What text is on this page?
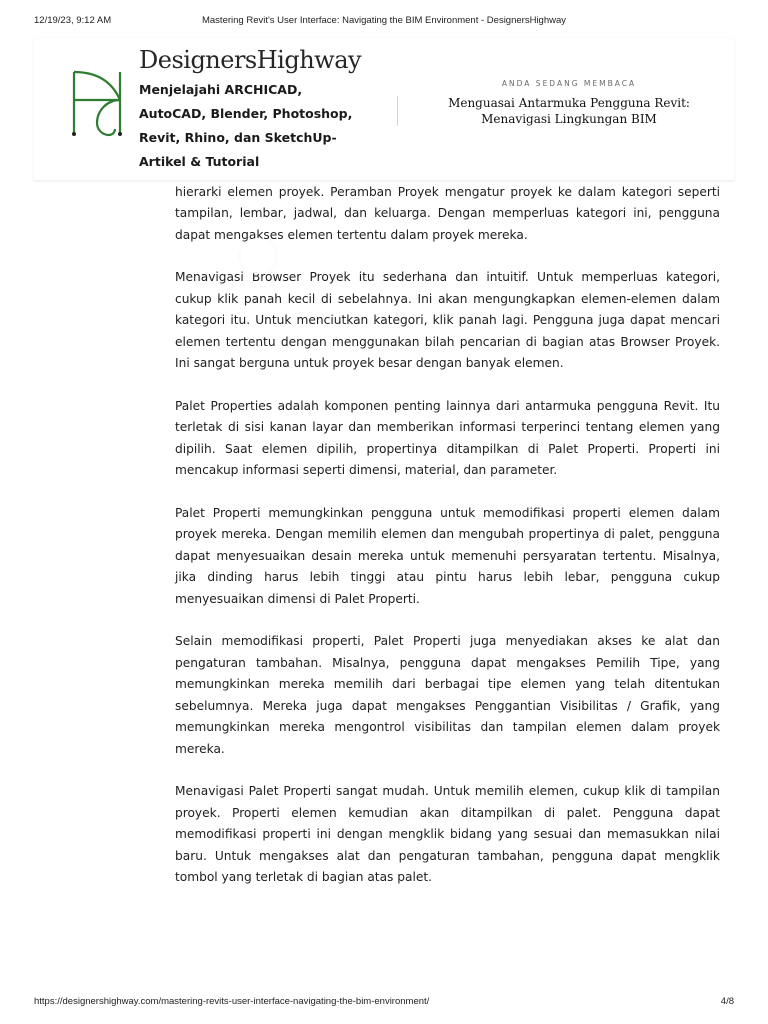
12/19/23, 9:12 AM	Mastering Revit's User Interface: Navigating the BIM Environment - DesignersHighway

hierarki elemen proyek. Peramban Proyek mengatur proyek ke dalam kategori seperti tampilan, lembar, jadwal, dan keluarga. Dengan memperluas kategori ini, pengguna dapat mengakses elemen tertentu dalam proyek mereka.

Menavigasi Browser Proyek itu sederhana dan intuitif. Untuk memperluas kategori, cukup klik panah kecil di sebelahnya. Ini akan mengungkapkan elemen-elemen dalam kategori itu. Untuk menciutkan kategori, klik panah lagi. Pengguna juga dapat mencari elemen tertentu dengan menggunakan bilah pencarian di bagian atas Browser Proyek. Ini sangat berguna untuk proyek besar dengan banyak elemen.

Palet Properties adalah komponen penting lainnya dari antarmuka pengguna Revit. Itu terletak di sisi kanan layar dan memberikan informasi terperinci tentang elemen yang dipilih. Saat elemen dipilih, propertinya ditampilkan di Palet Properti. Properti ini mencakup informasi seperti dimensi, material, dan parameter.

Palet Properti memungkinkan pengguna untuk memodifikasi properti elemen dalam proyek mereka. Dengan memilih elemen dan mengubah propertinya di palet, pengguna dapat menyesuaikan desain mereka untuk memenuhi persyaratan tertentu. Misalnya, jika dinding harus lebih tinggi atau pintu harus lebih lebar, pengguna cukup menyesuaikan dimensi di Palet Properti.

Selain memodifikasi properti, Palet Properti juga menyediakan akses ke alat dan pengaturan tambahan. Misalnya, pengguna dapat mengakses Pemilih Tipe, yang memungkinkan mereka memilih dari berbagai tipe elemen yang telah ditentukan sebelumnya. Mereka juga dapat mengakses Penggantian Visibilitas / Grafik, yang memungkinkan mereka mengontrol visibilitas dan tampilan elemen dalam proyek mereka.

Menavigasi Palet Properti sangat mudah. Untuk memilih elemen, cukup klik di tampilan proyek. Properti elemen kemudian akan ditampilkan di palet. Pengguna dapat memodifikasi properti ini dengan mengklik bidang yang sesuai dan memasukkan nilai baru. Untuk mengakses alat dan pengaturan tambahan, pengguna dapat mengklik tombol yang terletak di bagian atas palet.

DesignersHighway
Menjelajahi ARCHICAD, AutoCAD, Blender, Photoshop, Revit, Rhino, dan SketchUp- Artikel & Tutorial
ANDA SEDANG MEMBACA
Menguasai Antarmuka Pengguna Revit: Menavigasi Lingkungan BIM
https://designershighway.com/mastering-revits-user-interface-navigating-the-bim-environment/	4/8
